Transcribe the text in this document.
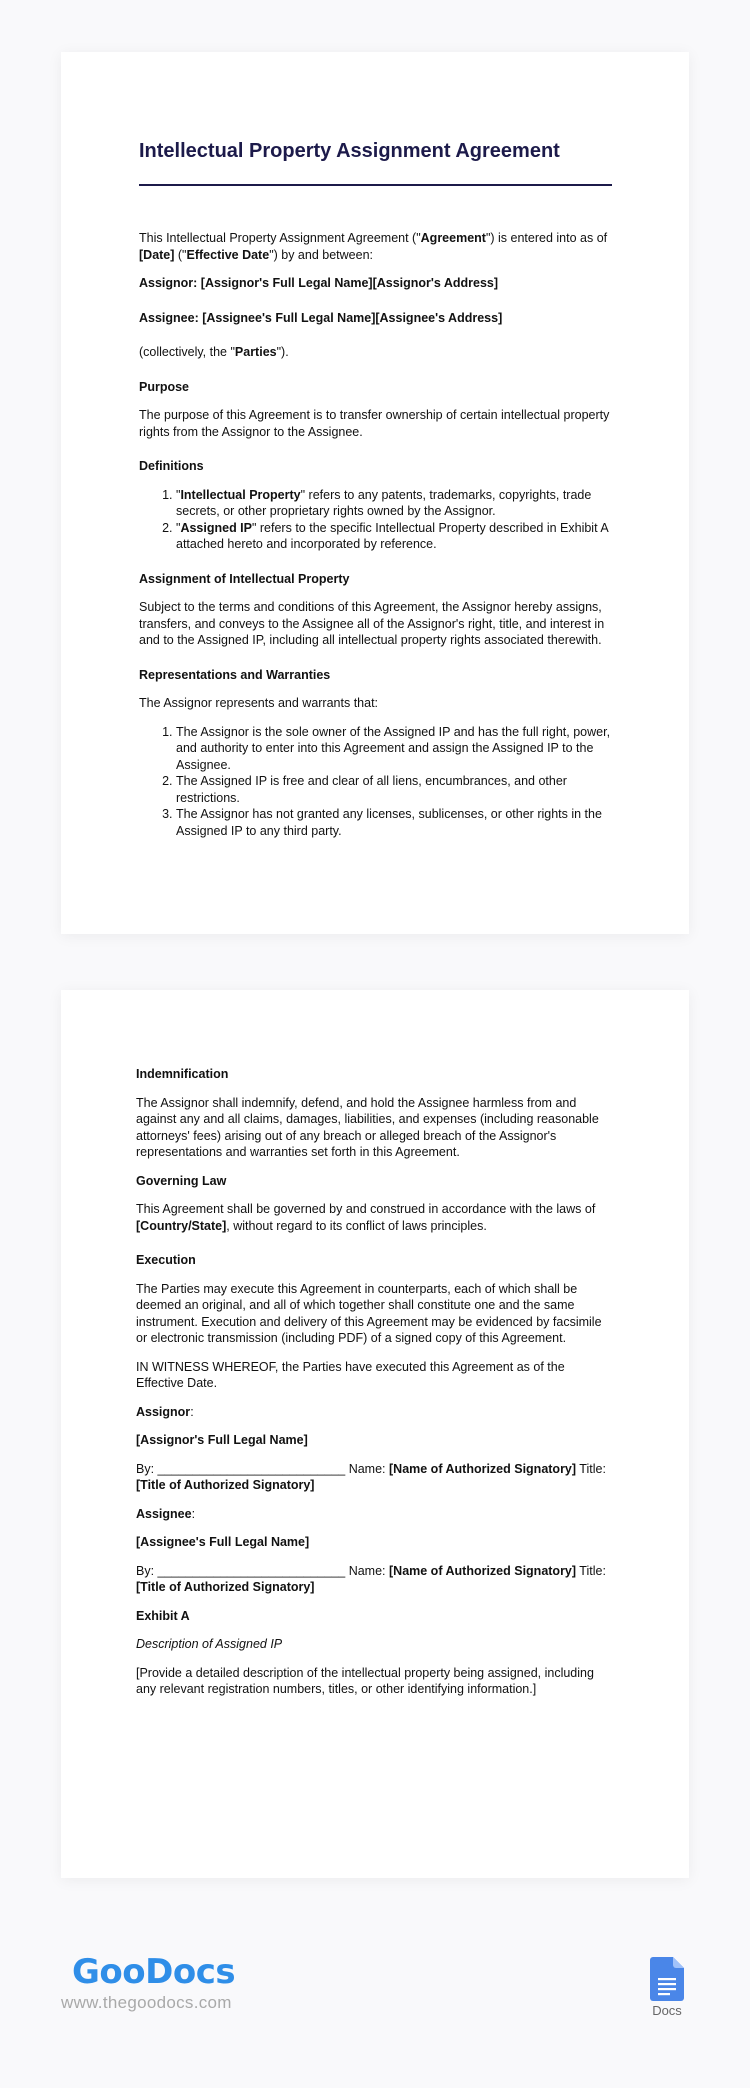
Intellectual Property Assignment Agreement

This Intellectual Property Assignment Agreement ("Agreement") is entered into as of [Date] ("Effective Date") by and between:

Assignor: [Assignor's Full Legal Name][Assignor's Address]

Assignee: [Assignee's Full Legal Name][Assignee's Address]

(collectively, the "Parties").

Purpose

The purpose of this Agreement is to transfer ownership of certain intellectual property rights from the Assignor to the Assignee.

Definitions
1. "Intellectual Property" refers to any patents, trademarks, copyrights, trade secrets, or other proprietary rights owned by the Assignor.
2. "Assigned IP" refers to the specific Intellectual Property described in Exhibit A attached hereto and incorporated by reference.
Assignment of Intellectual Property

Subject to the terms and conditions of this Agreement, the Assignor hereby assigns, transfers, and conveys to the Assignee all of the Assignor's right, title, and interest in and to the Assigned IP, including all intellectual property rights associated therewith.

Representations and Warranties

The Assignor represents and warrants that:

1. The Assignor is the sole owner of the Assigned IP and has the full right, power, and authority to enter into this Agreement and assign the Assigned IP to the Assignee.
2. The Assigned IP is free and clear of all liens, encumbrances, and other restrictions.
3. The Assignor has not granted any licenses, sublicenses, or other rights in the Assigned IP to any third party.
Indemnification

The Assignor shall indemnify, defend, and hold the Assignee harmless from and against any and all claims, damages, liabilities, and expenses (including reasonable attorneys' fees) arising out of any breach or alleged breach of the Assignor's representations and warranties set forth in this Agreement.

Governing Law

This Agreement shall be governed by and construed in accordance with the laws of [Country/State], without regard to its conflict of laws principles.

Execution

The Parties may execute this Agreement in counterparts, each of which shall be deemed an original, and all of which together shall constitute one and the same instrument. Execution and delivery of this Agreement may be evidenced by facsimile or electronic transmission (including PDF) of a signed copy of this Agreement.

IN WITNESS WHEREOF, the Parties have executed this Agreement as of the Effective Date.

Assignor:

[Assignor's Full Legal Name]

By: ___________________________ Name: [Name of Authorized Signatory] Title: [Title of Authorized Signatory]

Assignee:

[Assignee's Full Legal Name]

By: ___________________________ Name: [Name of Authorized Signatory] Title: [Title of Authorized Signatory]

Exhibit A

Description of Assigned IP

[Provide a detailed description of the intellectual property being assigned, including any relevant registration numbers, titles, or other identifying information.]

GooDocs
www.thegoodocs.com	Docs
